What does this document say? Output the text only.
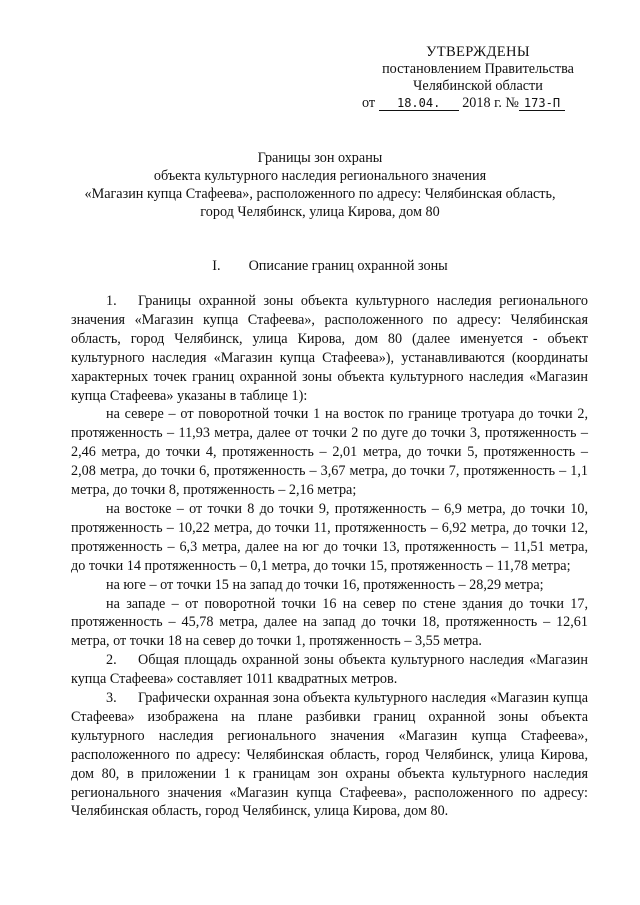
УТВЕРЖДЕНЫ
постановлением Правительства
Челябинской области
от 18.04. 2018 г. № 173-П
Границы зон охраны
объекта культурного наследия регионального значения
«Магазин купца Стафеева», расположенного по адресу: Челябинская область,
город Челябинск, улица Кирова, дом 80
I. Описание границ охранной зоны

1. Границы охранной зоны объекта культурного наследия регионального значения «Магазин купца Стафеева», расположенного по адресу: Челябинская область, город Челябинск, улица Кирова, дом 80 (далее именуется - объект культурного наследия «Магазин купца Стафеева»), устанавливаются (координаты характерных точек границ охранной зоны объекта культурного наследия «Магазин купца Стафеева» указаны в таблице 1):

на севере – от поворотной точки 1 на восток по границе тротуара до точки 2, протяженность – 11,93 метра, далее от точки 2 по дуге до точки 3, протяженность – 2,46 метра, до точки 4, протяженность – 2,01 метра, до точки 5, протяженность – 2,08 метра, до точки 6, протяженность – 3,67 метра, до точки 7, протяженность – 1,1 метра, до точки 8, протяженность – 2,16 метра;

на востоке – от точки 8 до точки 9, протяженность – 6,9 метра, до точки 10, протяженность – 10,22 метра, до точки 11, протяженность – 6,92 метра, до точки 12, протяженность – 6,3 метра, далее на юг до точки 13, протяженность – 11,51 метра, до точки 14 протяженность – 0,1 метра, до точки 15, протяженность – 11,78 метра;

на юге – от точки 15 на запад до точки 16, протяженность – 28,29 метра;

на западе – от поворотной точки 16 на север по стене здания до точки 17, протяженность – 45,78 метра, далее на запад до точки 18, протяженность – 12,61 метра, от точки 18 на север до точки 1, протяженность – 3,55 метра.

2. Общая площадь охранной зоны объекта культурного наследия «Магазин купца Стафеева» составляет 1011 квадратных метров.

3. Графически охранная зона объекта культурного наследия «Магазин купца Стафеева» изображена на плане разбивки границ охранной зоны объекта культурного наследия регионального значения «Магазин купца Стафеева», расположенного по адресу: Челябинская область, город Челябинск, улица Кирова, дом 80, в приложении 1 к границам зон охраны объекта культурного наследия регионального значения «Магазин купца Стафеева», расположенного по адресу: Челябинская область, город Челябинск, улица Кирова, дом 80.
